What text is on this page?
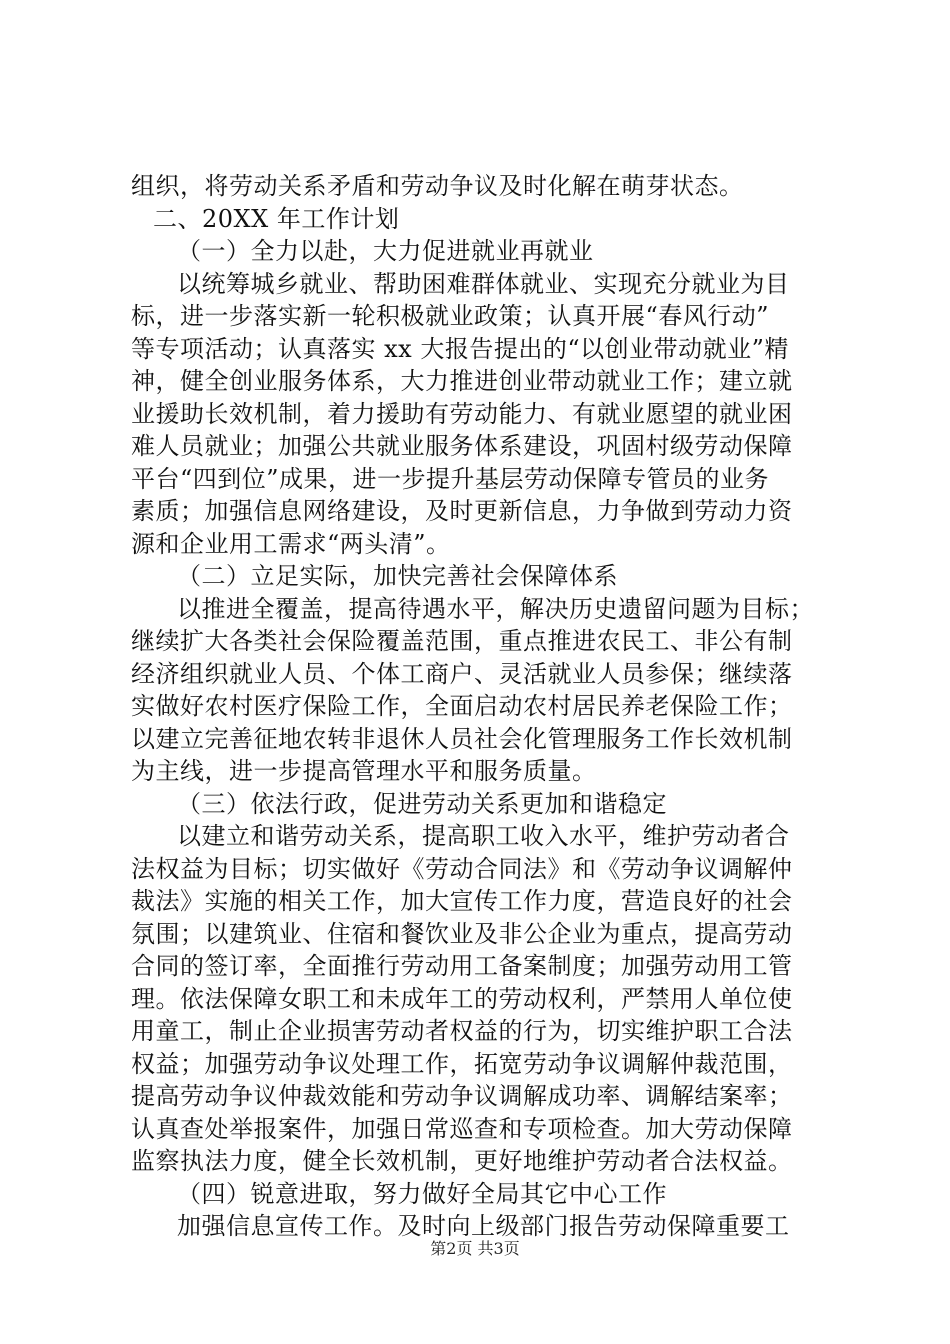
组织，将劳动关系矛盾和劳动争议及时化解在萌芽状态。
二、20XX 年工作计划
（一）全力以赴，大力促进就业再就业
以统筹城乡就业、帮助困难群体就业、实现充分就业为目
标，进一步落实新一轮积极就业政策；认真开展“春风行动”
等专项活动；认真落实 xx 大报告提出的“以创业带动就业”精
神，健全创业服务体系，大力推进创业带动就业工作；建立就
业援助长效机制，着力援助有劳动能力、有就业愿望的就业困
难人员就业；加强公共就业服务体系建设，巩固村级劳动保障
平台“四到位”成果，进一步提升基层劳动保障专管员的业务
素质；加强信息网络建设，及时更新信息，力争做到劳动力资
源和企业用工需求“两头清”。
（二）立足实际，加快完善社会保障体系
以推进全覆盖，提高待遇水平，解决历史遗留问题为目标；
继续扩大各类社会保险覆盖范围，重点推进农民工、非公有制
经济组织就业人员、个体工商户、灵活就业人员参保；继续落
实做好农村医疗保险工作，全面启动农村居民养老保险工作；
以建立完善征地农转非退休人员社会化管理服务工作长效机制
为主线，进一步提高管理水平和服务质量。
（三）依法行政，促进劳动关系更加和谐稳定
以建立和谐劳动关系，提高职工收入水平，维护劳动者合
法权益为目标；切实做好《劳动合同法》和《劳动争议调解仲
裁法》实施的相关工作，加大宣传工作力度，营造良好的社会
氛围；以建筑业、住宿和餐饮业及非公企业为重点，提高劳动
合同的签订率，全面推行劳动用工备案制度；加强劳动用工管
理。依法保障女职工和未成年工的劳动权利，严禁用人单位使
用童工，制止企业损害劳动者权益的行为，切实维护职工合法
权益；加强劳动争议处理工作，拓宽劳动争议调解仲裁范围，
提高劳动争议仲裁效能和劳动争议调解成功率、调解结案率；
认真查处举报案件，加强日常巡查和专项检查。加大劳动保障
监察执法力度，健全长效机制，更好地维护劳动者合法权益。
（四）锐意进取，努力做好全局其它中心工作
加强信息宣传工作。及时向上级部门报告劳动保障重要工
第2页 共3页
